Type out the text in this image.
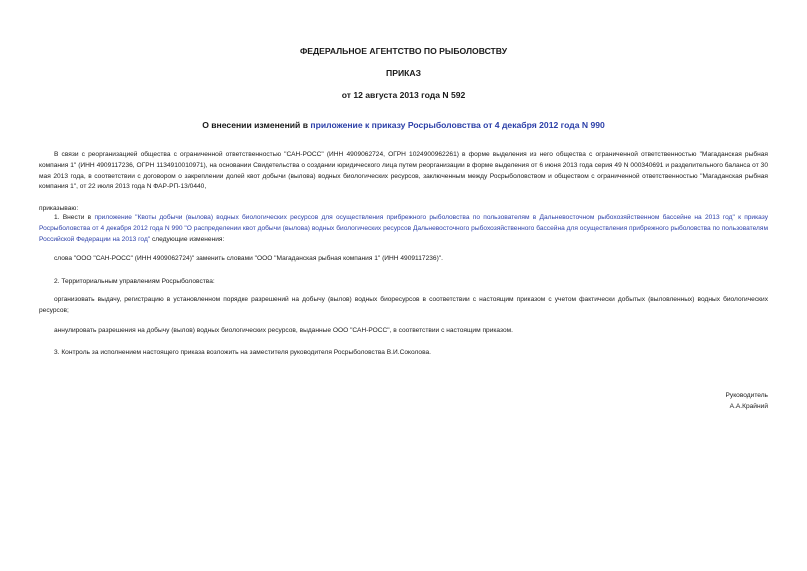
ФЕДЕРАЛЬНОЕ АГЕНТСТВО ПО РЫБОЛОВСТВУ

ПРИКАЗ

от 12 августа 2013 года N 592

О внесении изменений в приложение к приказу Росрыболовства от 4 декабря 2012 года N 990

В связи с реорганизацией общества с ограниченной ответственностью "САН-РОСС" (ИНН 4909062724, ОГРН 1024900962261) в форме выделения из него общества с ограниченной ответственностью "Магаданская рыбная компания 1" (ИНН 4909117236, ОГРН 1134910010971), на основании Свидетельства о создании юридического лица путем реорганизации в форме выделения от 6 июня 2013 года серия 49 N 000340691 и разделительного баланса от 30 мая 2013 года, в соответствии с договором о закреплении долей квот добычи (вылова) водных биологических ресурсов, заключенным между Росрыболовством и обществом с ограниченной ответственностью "Магаданская рыбная компания 1", от 22 июля 2013 года N ФАР-РП-13/0440,

приказываю:

1. Внести в приложение "Квоты добычи (вылова) водных биологических ресурсов для осуществления прибрежного рыболовства по пользователям в Дальневосточном рыбохозяйственном бассейне на 2013 год" к приказу Росрыболовства от 4 декабря 2012 года N 990 "О распределении квот добычи (вылова) водных биологических ресурсов Дальневосточного рыбохозяйственного бассейна для осуществления прибрежного рыболовства по пользователям Российской Федерации на 2013 год" следующие изменения:

слова "ООО "САН-РОСС" (ИНН 4909062724)" заменить словами "ООО "Магаданская рыбная компания 1" (ИНН 4909117236)".

2. Территориальным управлениям Росрыболовства:

организовать выдачу, регистрацию в установленном порядке разрешений на добычу (вылов) водных биоресурсов в соответствии с настоящим приказом с учетом фактически добытых (выловленных) водных биологических ресурсов;

аннулировать разрешения на добычу (вылов) водных биологических ресурсов, выданные ООО "САН-РОСС", в соответствии с настоящим приказом.

3. Контроль за исполнением настоящего приказа возложить на заместителя руководителя Росрыболовства В.И.Соколова.

Руководитель

А.А.Крайний
